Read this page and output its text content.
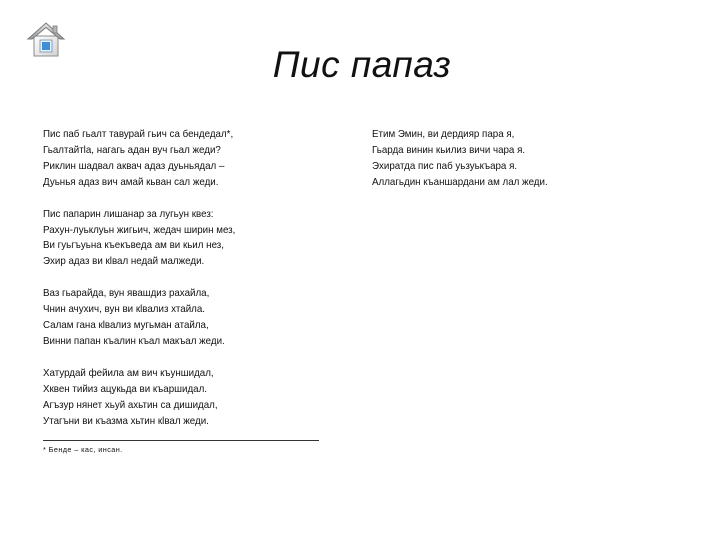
Пис папаз
Пис паб гьалт тавурай гьич са бендедал*,
Гьалтайтlа, нагагь адан вуч гьал жеди?
Риклин шадвал аквач адаз дуьньядал –
Дуьнья адаз вич амай кьван сал жеди.
Пис папарин лишанар за лугьун квез:
Рахун-луьклуьн жигьич, жедач ширин мез,
Ви гуьгъуьна къекъведа ам ви кьил нез,
Эхир адаз ви кlвал недай малжеди.
Ваз гьарайда, вун явашдиз рахайла,
Чнин ачухич, вун ви кlвализ хтайла.
Салам гана кlвализ мугьман атайла,
Винни папан къалин къал макъал жеди.
Хатурдай фейила ам вич къуншидал,
Хквен тийиз ацукьда ви къаршидал.
Агъзур нянет хьуй ахьтин са дишидал,
Утагъни ви къазма хьтин кlвал жеди.
Етим Эмин, ви дердияр пара я,
Гьарда винин кьилиз вичи чара я.
Эхиратда пис паб уьзуькъара я.
Аллагьдин къаншардани ам лал жеди.
* Бенде – кас, инсан.
